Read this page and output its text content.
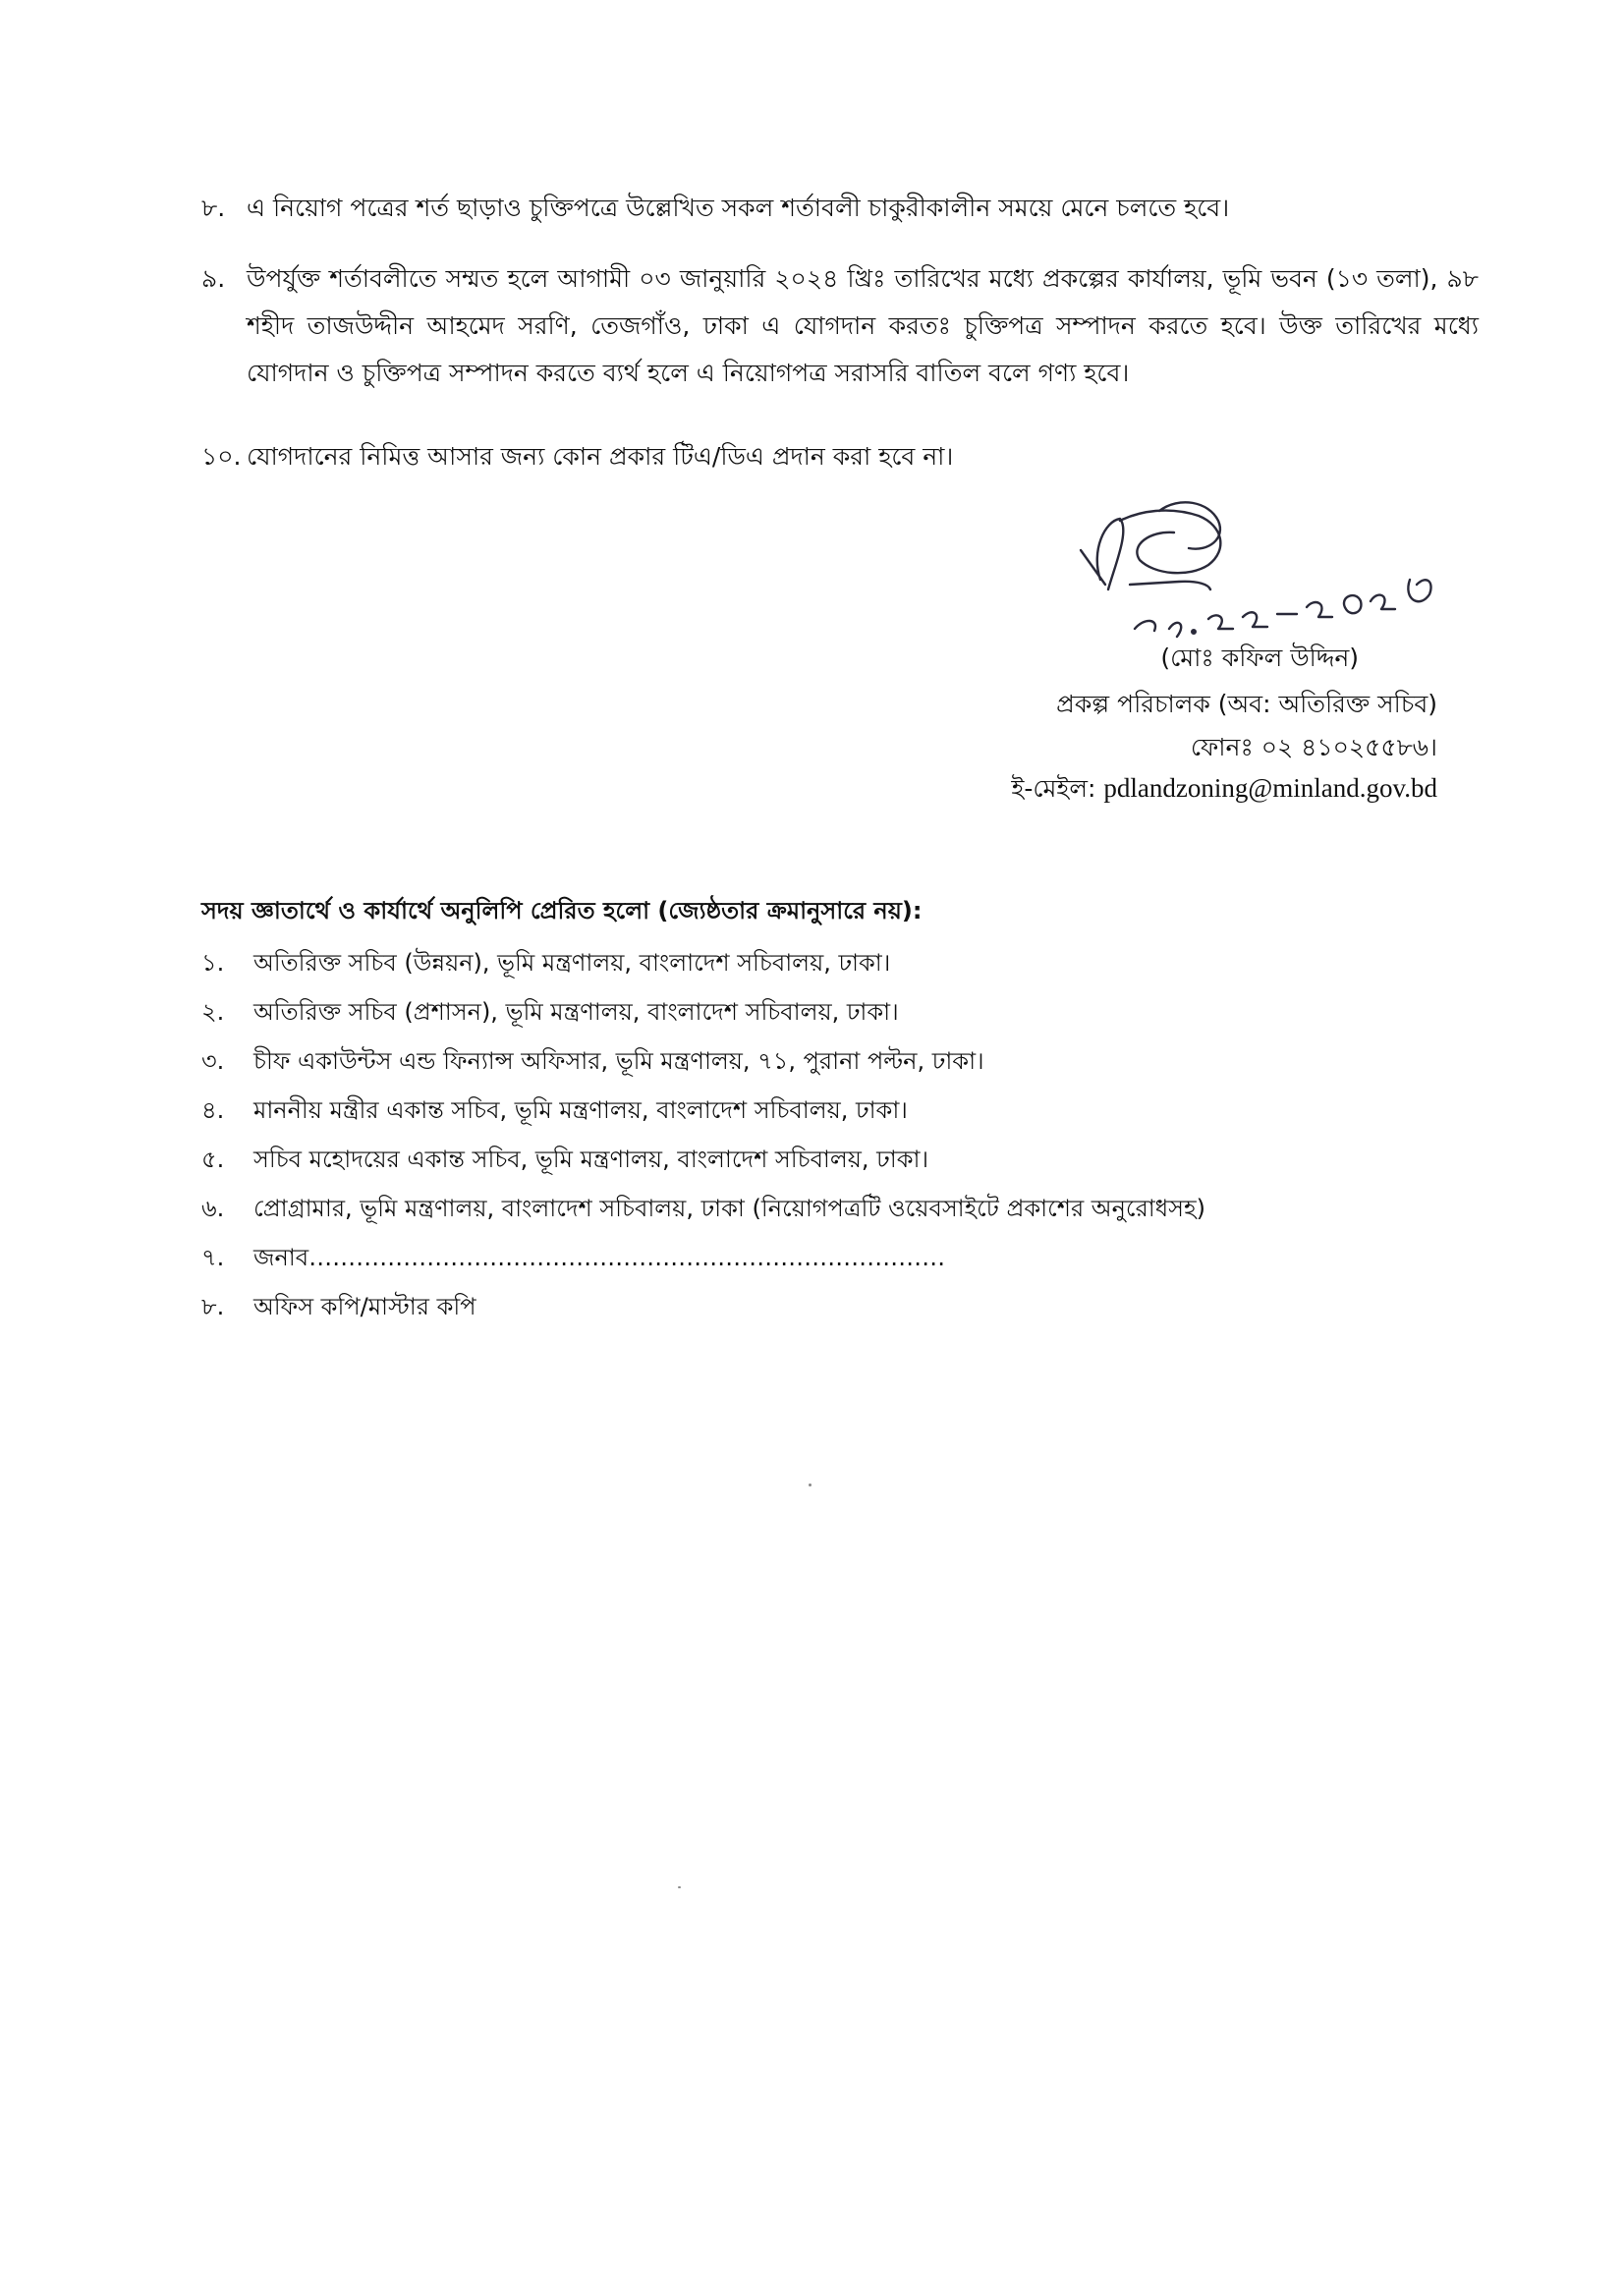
৮. এ নিয়োগ পত্রের শর্ত ছাড়াও চুক্তিপত্রে উল্লেখিত সকল শর্তাবলী চাকুরীকালীন সময়ে মেনে চলতে হবে।
৯. উপর্যুক্ত শর্তাবলীতে সম্মত হলে আগামী ০৩ জানুয়ারি ২০২৪ খ্রিঃ তারিখের মধ্যে প্রকল্পের কার্যালয়, ভূমি ভবন (১৩ তলা), ৯৮ শহীদ তাজউদ্দীন আহমেদ সরণি, তেজগাঁও, ঢাকা এ যোগদান করতঃ চুক্তিপত্র সম্পাদন করতে হবে। উক্ত তারিখের মধ্যে যোগদান ও চুক্তিপত্র সম্পাদন করতে ব্যর্থ হলে এ নিয়োগপত্র সরাসরি বাতিল বলে গণ্য হবে।
১০. যোগদানের নিমিত্ত আসার জন্য কোন প্রকার টিএ/ডিএ প্রদান করা হবে না।
(মোঃ কফিল উদ্দিন)
প্রকল্প পরিচালক (অব: অতিরিক্ত সচিব)
ফোনঃ ০২ ৪১০২৫৫৮৬।
ই-মেইল: pdlandzoning@minland.gov.bd
সদয় জ্ঞাতার্থে ও কার্যার্থে অনুলিপি প্রেরিত হলো (জ্যেষ্ঠতার ক্রমানুসারে নয়):
১. অতিরিক্ত সচিব (উন্নয়ন), ভূমি মন্ত্রণালয়, বাংলাদেশ সচিবালয়, ঢাকা।
২. অতিরিক্ত সচিব (প্রশাসন), ভূমি মন্ত্রণালয়, বাংলাদেশ সচিবালয়, ঢাকা।
৩. চীফ একাউন্টস এন্ড ফিন্যান্স অফিসার, ভূমি মন্ত্রণালয়, ৭১, পুরানা পল্টন, ঢাকা।
৪. মাননীয় মন্ত্রীর একান্ত সচিব, ভূমি মন্ত্রণালয়, বাংলাদেশ সচিবালয়, ঢাকা।
৫. সচিব মহোদয়ের একান্ত সচিব, ভূমি মন্ত্রণালয়, বাংলাদেশ সচিবালয়, ঢাকা।
৬. প্রোগ্রামার, ভূমি মন্ত্রণালয়, বাংলাদেশ সচিবালয়, ঢাকা (নিয়োগপত্রটি ওয়েবসাইটে প্রকাশের অনুরোধসহ)
৭. জনাব………………………………………………………………………
৮. অফিস কপি/মাস্টার কপি
